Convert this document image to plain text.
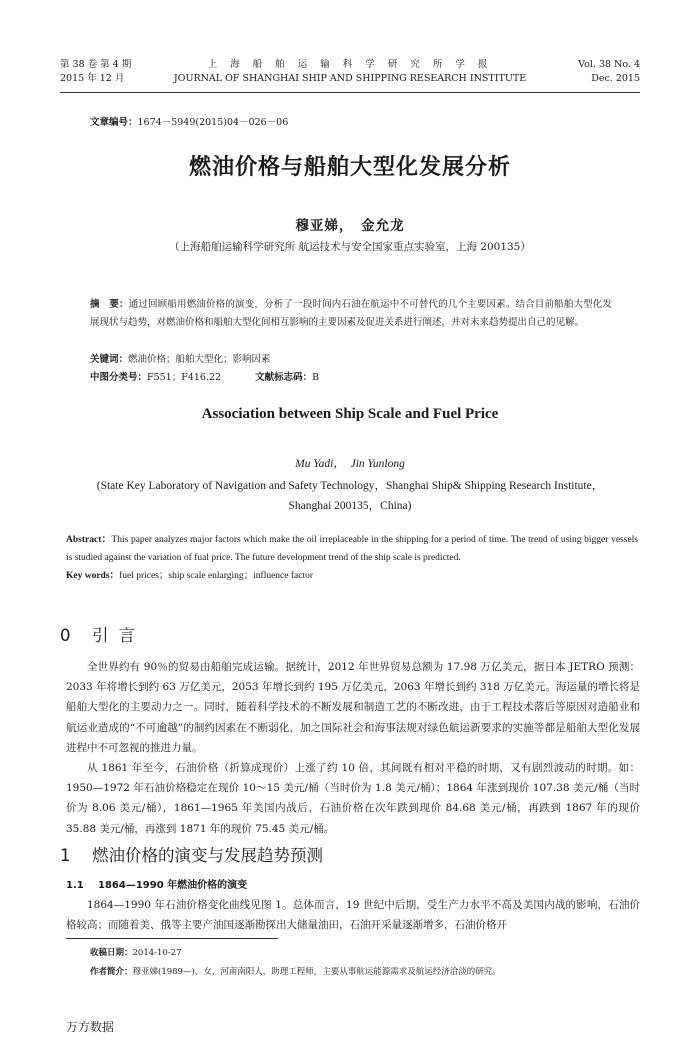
第 38 卷 第 4 期
2015 年 12 月
上 海 船 舶 运 输 科 学 研 究 所 学 报
JOURNAL OF SHANGHAI SHIP AND SHIPPING RESEARCH INSTITUTE
Vol. 38 No. 4
Dec. 2015
文章编号：1674－5949(2015)04－026－06
燃油价格与船舶大型化发展分析
穆亚娣，　金允龙
（上海船舶运输科学研究所 航运技术与安全国家重点实验室，上海 200135）
摘　要：通过回顾船用燃油价格的演变，分析了一段时间内石油在航运中不可替代的几个主要因素。结合目前船舶大型化发展现状与趋势，对燃油价格和船舶大型化间相互影响的主要因素及促进关系进行阐述，并对未来趋势提出自己的见解。
关键词：燃油价格；船舶大型化；影响因素
中图分类号：F551；F416.22	文献标志码：B
Association between Ship Scale and Fuel Price
Mu Yadi，　Jin Yunlong
(State Key Laboratory of Navigation and Safety Technology，Shanghai Ship& Shipping Research Institute，
Shanghai 200135，China)
Abstract：This paper analyzes major factors which make the oil irreplaceable in the shipping for a period of time. The trend of using bigger vessels is studied against the variation of fual price. The future development trend of the ship scale is predicted.
Key words：fuel prices；ship scale enlarging；influence factor
0 引言

全世界约有 90％的贸易由船舶完成运输。据统计，2012 年世界贸易总额为 17.98 万亿美元，据日本 JETRO 预测：2033 年将增长到约 63 万亿美元，2053 年增长到约 195 万亿美元，2063 年增长到约 318 万亿美元。海运量的增长将是船舶大型化的主要动力之一。同时，随着科学技术的不断发展和制造工艺的不断改进，由于工程技术落后等原因对造船业和航运业造成的“不可逾越”的制约因素在不断弱化，加之国际社会和海事法规对绿色航运新要求的实施等都是船舶大型化发展进程中不可忽视的推进力量。

从 1861 年至今，石油价格（折算成现价）上涨了约 10 倍，其间既有相对平稳的时期，又有剧烈波动的时期。如：1950—1972 年石油价格稳定在现价 10～15 美元/桶（当时价为 1.8 美元/桶）；1864 年涨到现价 107.38 美元/桶（当时价为 8.06 美元/桶），1861—1965 年美国内战后，石油价格在次年跌到现价 84.68 美元/桶，再跌到 1867 年的现价 35.88 美元/桶，再涨到 1871 年的现价 75.45 美元/桶。

1 燃油价格的演变与发展趋势预测
1.1 1864—1990 年燃油价格的演变

1864—1990 年石油价格变化曲线见图 1。总体而言，19 世纪中后期，受生产力水平不高及美国内战的影响，石油价格较高；而随着美、俄等主要产油国逐渐勘探出大储量油田，石油开采量逐渐增多，石油价格开

收稿日期：2014-10-27
作者简介：穆亚娣(1989—)，女，河南南阳人，助理工程师，主要从事航运能源需求及航运经济洽淡的研究。
万方数据
